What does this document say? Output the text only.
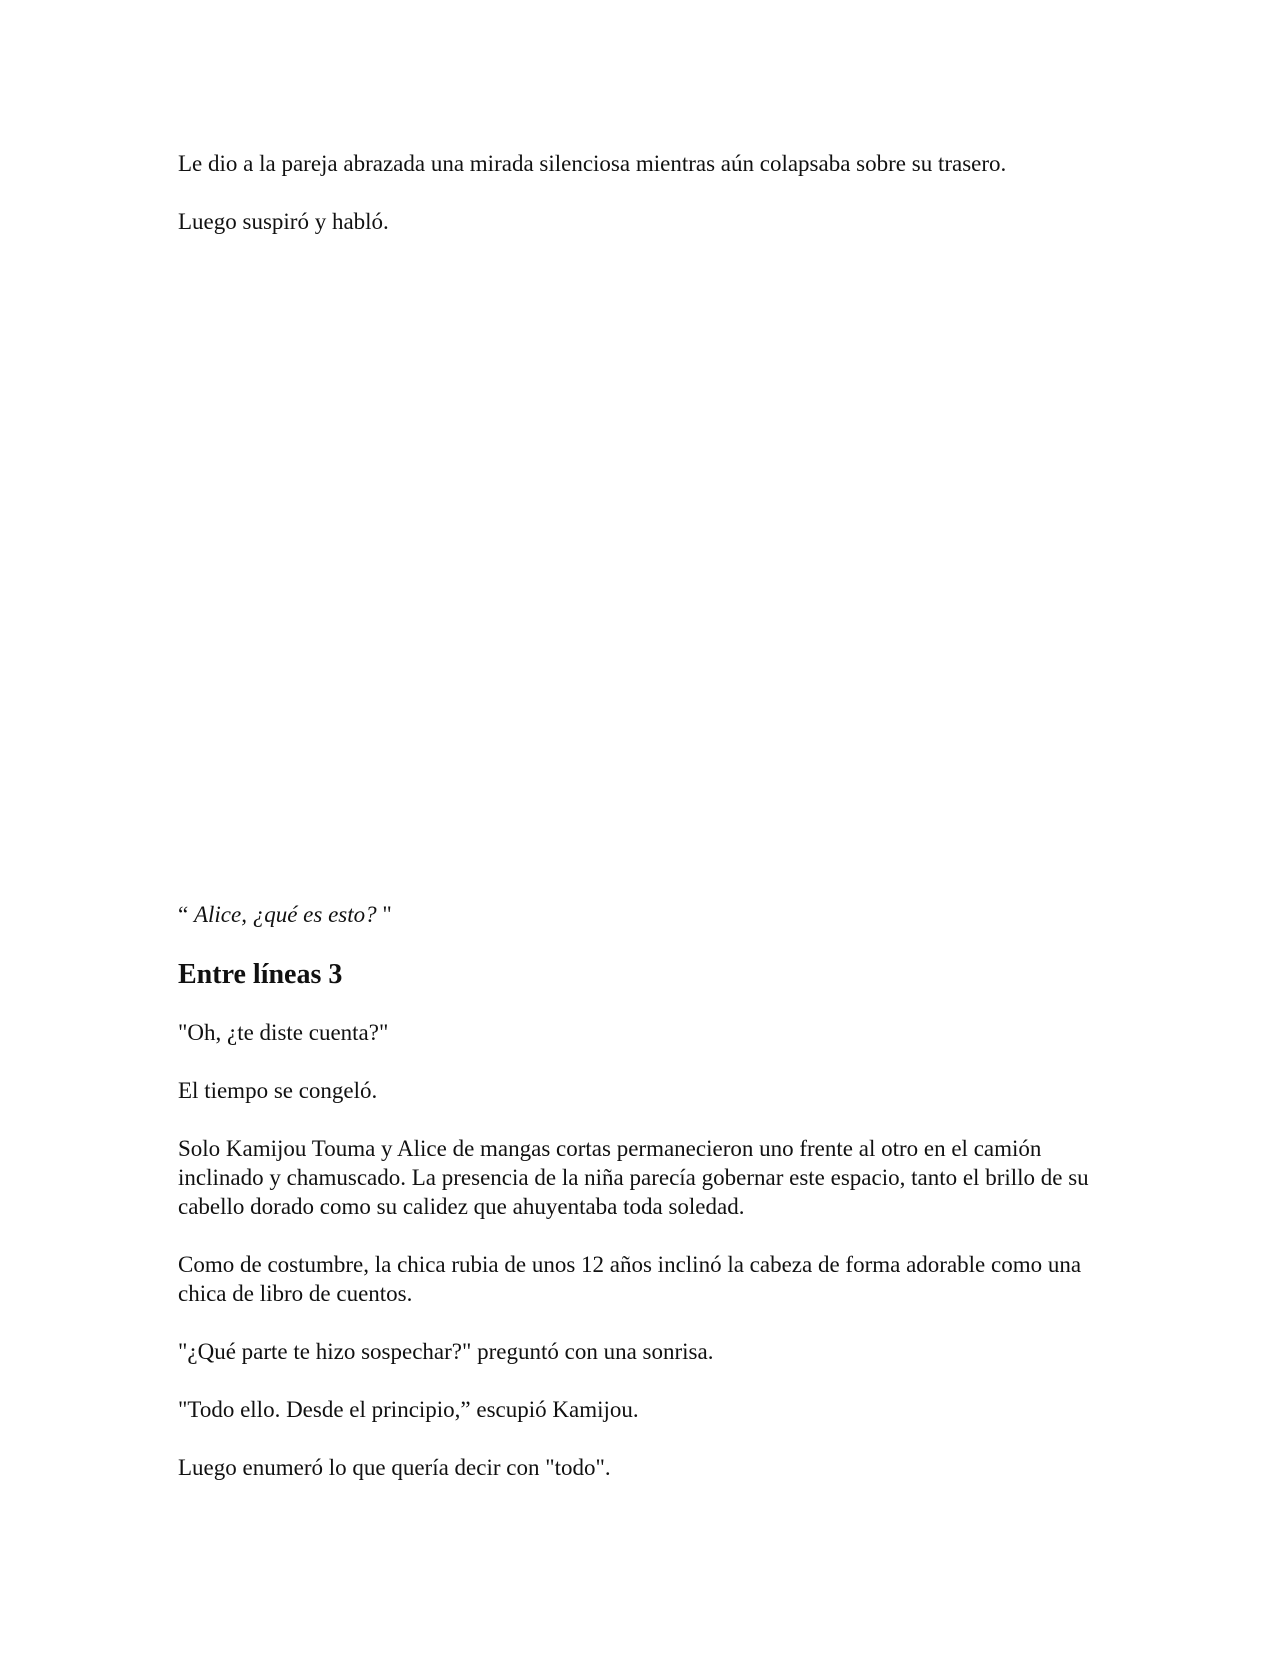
Le dio a la pareja abrazada una mirada silenciosa mientras aún colapsaba sobre su trasero.

Luego suspiró y habló.

“ Alice, ¿qué es esto? "

Entre líneas 3

"Oh, ¿te diste cuenta?"

El tiempo se congeló.

Solo Kamijou Touma y Alice de mangas cortas permanecieron uno frente al otro en el camión inclinado y chamuscado. La presencia de la niña parecía gobernar este espacio, tanto el brillo de su cabello dorado como su calidez que ahuyentaba toda soledad.

Como de costumbre, la chica rubia de unos 12 años inclinó la cabeza de forma adorable como una chica de libro de cuentos.

"¿Qué parte te hizo sospechar?" preguntó con una sonrisa.

"Todo ello. Desde el principio,” escupió Kamijou.

Luego enumeró lo que quería decir con "todo".
